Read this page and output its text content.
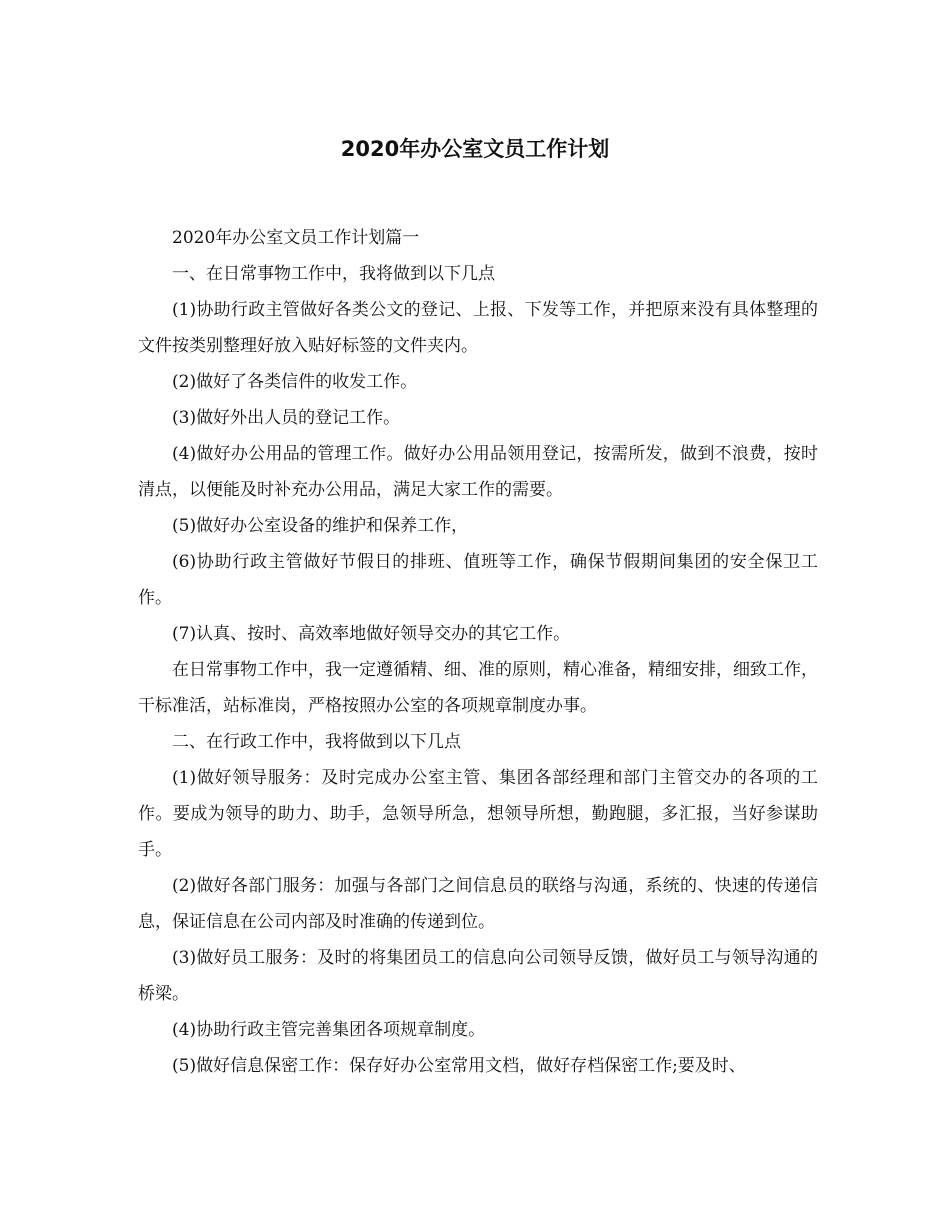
2020年办公室文员工作计划

2020年办公室文员工作计划篇一

一、在日常事物工作中，我将做到以下几点

(1)协助行政主管做好各类公文的登记、上报、下发等工作，并把原来没有具体整理的文件按类别整理好放入贴好标签的文件夹内。

(2)做好了各类信件的收发工作。

(3)做好外出人员的登记工作。

(4)做好办公用品的管理工作。做好办公用品领用登记，按需所发，做到不浪费，按时清点，以便能及时补充办公用品，满足大家工作的需要。

(5)做好办公室设备的维护和保养工作，

(6)协助行政主管做好节假日的排班、值班等工作，确保节假期间集团的安全保卫工作。

(7)认真、按时、高效率地做好领导交办的其它工作。

在日常事物工作中，我一定遵循精、细、准的原则，精心准备，精细安排，细致工作，干标准活，站标准岗，严格按照办公室的各项规章制度办事。

二、在行政工作中，我将做到以下几点

(1)做好领导服务：及时完成办公室主管、集团各部经理和部门主管交办的各项的工作。要成为领导的助力、助手，急领导所急，想领导所想，勤跑腿，多汇报，当好参谋助手。

(2)做好各部门服务：加强与各部门之间信息员的联络与沟通，系统的、快速的传递信息，保证信息在公司内部及时准确的传递到位。

(3)做好员工服务：及时的将集团员工的信息向公司领导反馈，做好员工与领导沟通的桥梁。

(4)协助行政主管完善集团各项规章制度。

(5)做好信息保密工作：保存好办公室常用文档，做好存档保密工作;要及时、
